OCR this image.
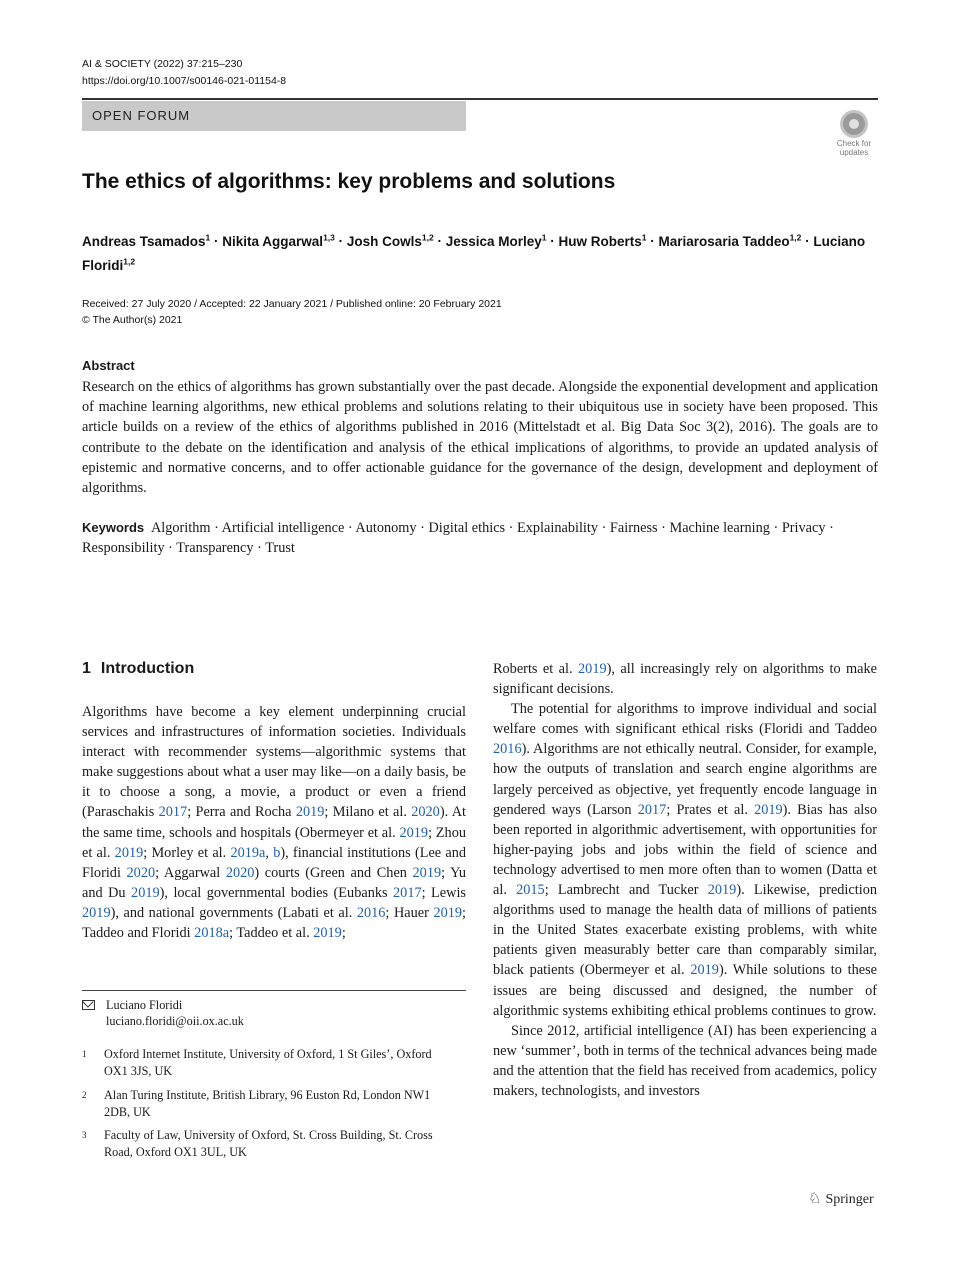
AI & SOCIETY (2022) 37:215–230
https://doi.org/10.1007/s00146-021-01154-8
OPEN FORUM
Check for
updates
The ethics of algorithms: key problems and solutions
Andreas Tsamados$^1$ · Nikita Aggarwal$^{1,3}$ · Josh Cowls$^{1,2}$ · Jessica Morley$^1$ · Huw Roberts$^1$ · Mariarosaria Taddeo$^{1,2}$ · Luciano Floridi$^{1,2}$
Received: 27 July 2020 / Accepted: 22 January 2021 / Published online: 20 February 2021
© The Author(s) 2021
Abstract
Research on the ethics of algorithms has grown substantially over the past decade. Alongside the exponential development and application of machine learning algorithms, new ethical problems and solutions relating to their ubiquitous use in society have been proposed. This article builds on a review of the ethics of algorithms published in 2016 (Mittelstadt et al. Big Data Soc 3(2), 2016). The goals are to contribute to the debate on the identification and analysis of the ethical implications of algorithms, to provide an updated analysis of epistemic and normative concerns, and to offer actionable guidance for the governance of the design, development and deployment of algorithms.
Keywords Algorithm · Artificial intelligence · Autonomy · Digital ethics · Explainability · Fairness · Machine learning · Privacy · Responsibility · Transparency · Trust
1 Introduction

Algorithms have become a key element underpinning crucial services and infrastructures of information societies. Individuals interact with recommender systems—algorithmic systems that make suggestions about what a user may like—on a daily basis, be it to choose a song, a movie, a product or even a friend (Paraschakis 2017; Perra and Rocha 2019; Milano et al. 2020). At the same time, schools and hospitals (Obermeyer et al. 2019; Zhou et al. 2019; Morley et al. 2019a, b), financial institutions (Lee and Floridi 2020; Aggarwal 2020) courts (Green and Chen 2019; Yu and Du 2019), local governmental bodies (Eubanks 2017; Lewis 2019), and national governments (Labati et al. 2016; Hauer 2019; Taddeo and Floridi 2018a; Taddeo et al. 2019;

Roberts et al. 2019), all increasingly rely on algorithms to make significant decisions.

The potential for algorithms to improve individual and social welfare comes with significant ethical risks (Floridi and Taddeo 2016). Algorithms are not ethically neutral. Consider, for example, how the outputs of translation and search engine algorithms are largely perceived as objective, yet frequently encode language in gendered ways (Larson 2017; Prates et al. 2019). Bias has also been reported in algorithmic advertisement, with opportunities for higher-paying jobs and jobs within the field of science and technology advertised to men more often than to women (Datta et al. 2015; Lambrecht and Tucker 2019). Likewise, prediction algorithms used to manage the health data of millions of patients in the United States exacerbate existing problems, with white patients given measurably better care than comparably similar, black patients (Obermeyer et al. 2019). While solutions to these issues are being discussed and designed, the number of algorithmic systems exhibiting ethical problems continues to grow.

Since 2012, artificial intelligence (AI) has been experiencing a new ‘summer’, both in terms of the technical advances being made and the attention that the field has received from academics, policy makers, technologists, and investors

Luciano Floridi
luciano.floridi@oii.ox.ac.uk
1 Oxford Internet Institute, University of Oxford, 1 St Giles’, Oxford OX1 3JS, UK
2 Alan Turing Institute, British Library, 96 Euston Rd, London NW1 2DB, UK
3 Faculty of Law, University of Oxford, St. Cross Building, St. Cross Road, Oxford OX1 3UL, UK
♘ Springer
